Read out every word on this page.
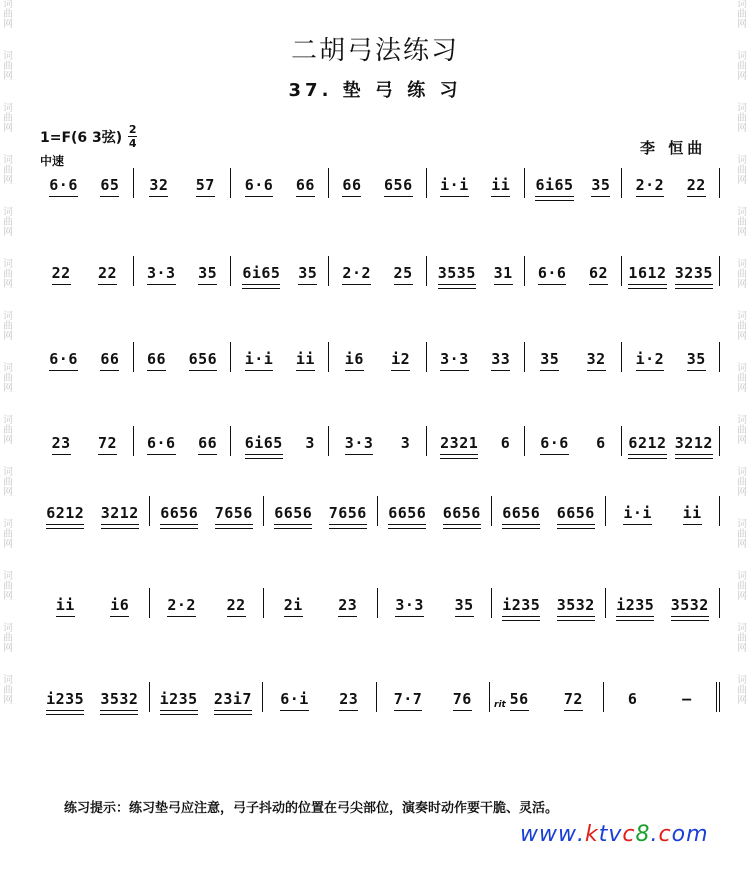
词
曲
网
词
曲
网
词
曲
网
词
曲
网
词
曲
网
词
曲
网
词
曲
网
词
曲
网
词
曲
网
词
曲
网
词
曲
网
词
曲
网
词
曲
网
词
曲
网
词
曲
网
词
曲
网
词
曲
网
词
曲
网
词
曲
网
词
曲
网
词
曲
网
词
曲
网
词
曲
网
词
曲
网
词
曲
网
词
曲
网
词
曲
网
词
曲
网
二胡弓法练习
37. 垫 弓 练 习
1=F(6 3弦) $\frac{2}{4}$
中速
李 恒曲
6·6 65 32 57 6·6 66 66 656 i·i ii 6i65 35 2·2 22
22 22 3·3 35 6i65 35 2·2 25 3535 31 6·6 62 1612 3235
6·6 66 66 656 i·i ii i6 i2 3·3 33 35 32 i·2 35
23 72 6·6 66 6i65 3 3·3 3 2321 6 6·6 6 6212 3212
6212 3212 6656 7656 6656 7656 6656 6656 6656 6656 i·i ii
ii i6	2·2 22	2i 23	3·3 35 i235 3532 i235 3532
i235 3532 i235 23i7 6·i 23 7·7 76	56 72	6	–
rit
练习提示：练习垫弓应注意，弓子抖动的位置在弓尖部位，演奏时动作要干脆、灵活。
w w w . k t v c 8 . c o m
